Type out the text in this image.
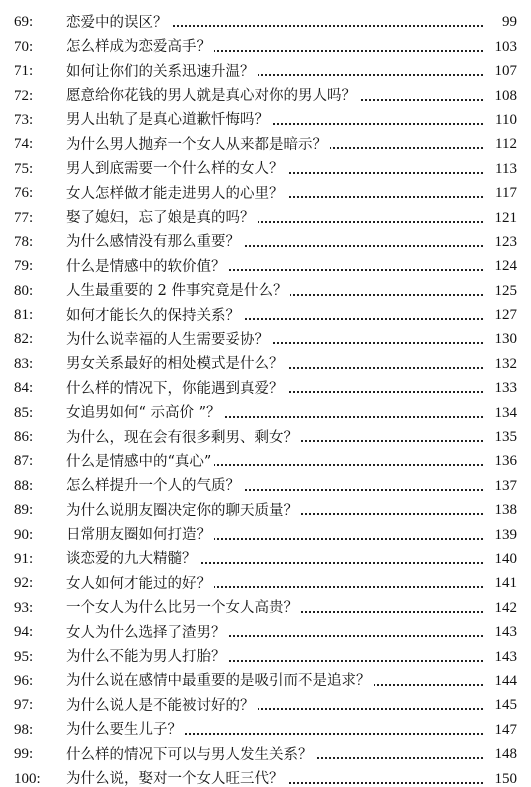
69:	恋爱中的误区？	99
70:	怎么样成为恋爱高手？	103
71:	如何让你们的关系迅速升温？	107
72:	愿意给你花钱的男人就是真心对你的男人吗？	108
73:	男人出轨了是真心道歉忏悔吗？	110
74:	为什么男人抛弃一个女人从来都是暗示？	112
75:	男人到底需要一个什么样的女人？	113
76:	女人怎样做才能走进男人的心里？	117
77:	娶了媳妇，忘了娘是真的吗？	121
78:	为什么感情没有那么重要？	123
79:	什么是情感中的软价值？	124
80:	人生最重要的 2 件事究竟是什么？	125
81:	如何才能长久的保持关系？	127
82:	为什么说幸福的人生需要妥协？	130
83:	男女关系最好的相处模式是什么？	132
84:	什么样的情况下，你能遇到真爱？	133
85:	女追男如何“ 示高价 ”？	134
86:	为什么，现在会有很多剩男、剩女？	135
87:	什么是情感中的“真心”	136
88:	怎么样提升一个人的气质？	137
89:	为什么说朋友圈决定你的聊天质量？	138
90:	日常朋友圈如何打造？	139
91:	谈恋爱的九大精髓？	140
92:	女人如何才能过的好？	141
93:	一个女人为什么比另一个女人高贵？	142
94:	女人为什么选择了渣男？	143
95:	为什么不能为男人打胎？	143
96:	为什么说在感情中最重要的是吸引而不是追求？	144
97:	为什么说人是不能被讨好的？	145
98:	为什么要生儿子？	147
99:	什么样的情况下可以与男人发生关系？	148
100:	为什么说，娶对一个女人旺三代？	150
